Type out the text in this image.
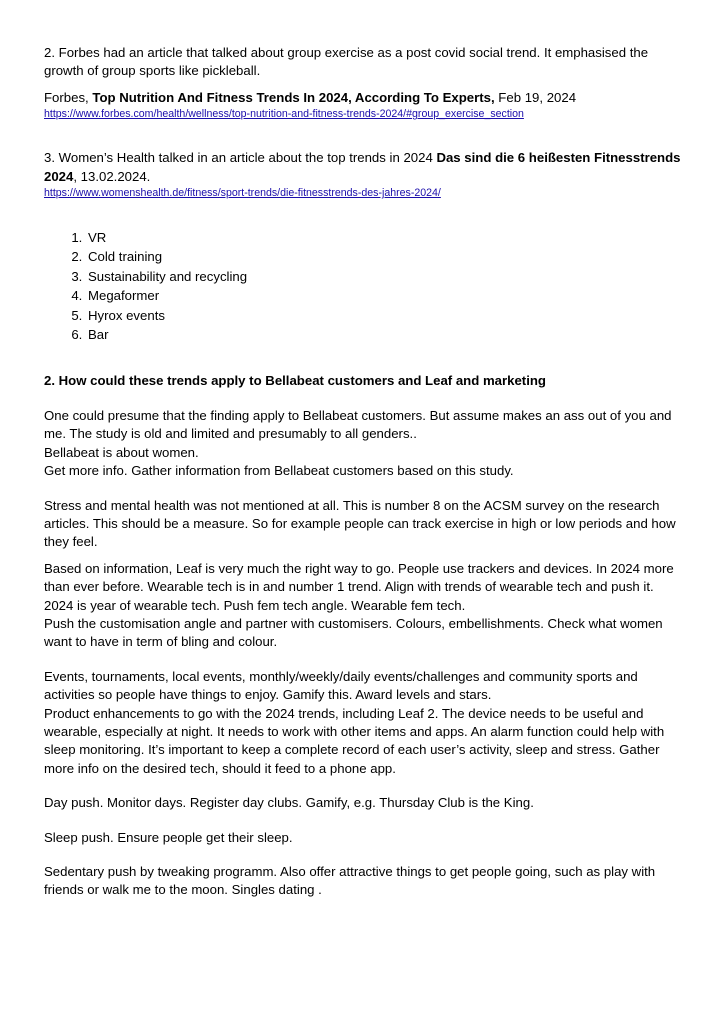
2. Forbes had an article that talked about group exercise as a post covid social trend. It emphasised the growth of group sports like pickleball.

Forbes, Top Nutrition And Fitness Trends In 2024, According To Experts, Feb 19, 2024

https://www.forbes.com/health/wellness/top-nutrition-and-fitness-trends-2024/#group_exercise_section

3. Women’s Health talked in an article about the top trends in 2024 Das sind die 6 heißesten Fitnesstrends 2024, 13.02.2024.

https://www.womenshealth.de/fitness/sport-trends/die-fitnesstrends-des-jahres-2024/
1. VR
2. Cold training
3. Sustainability and recycling
4. Megaformer
5. Hyrox events
6. Bar

2. How could these trends apply to Bellabeat customers and Leaf and marketing

One could presume that the finding apply to Bellabeat customers. But assume makes an ass out of you and me. The study is old and limited and presumably to all genders..

Bellabeat is about women.

Get more info. Gather information from Bellabeat customers based on this study.

Stress and mental health was not mentioned at all. This is number 8 on the ACSM survey on the research articles. This should be a measure. So for example people can track exercise in high or low periods and how they feel.

Based on information, Leaf is very much the right way to go. People use trackers and devices. In 2024 more than ever before. Wearable tech is in and number 1 trend. Align with trends of wearable tech and push it. 2024 is year of wearable tech. Push fem tech angle. Wearable fem tech.

Push the customisation angle and partner with customisers. Colours, embellishments. Check what women want to have in term of bling and colour.

Events, tournaments, local events, monthly/weekly/daily events/challenges and community sports and activities so people have things to enjoy. Gamify this. Award levels and stars.

Product enhancements to go with the 2024 trends, including Leaf 2. The device needs to be useful and wearable, especially at night. It needs to work with other items and apps. An alarm function could help with sleep monitoring. It’s important to keep a complete record of each user’s activity, sleep and stress. Gather more info on the desired tech, should it feed to a phone app.

Day push. Monitor days. Register day clubs. Gamify, e.g. Thursday Club is the King.

Sleep push. Ensure people get their sleep.

Sedentary push by tweaking programm. Also offer attractive things to get people going, such as play with friends or walk me to the moon. Singles dating .
